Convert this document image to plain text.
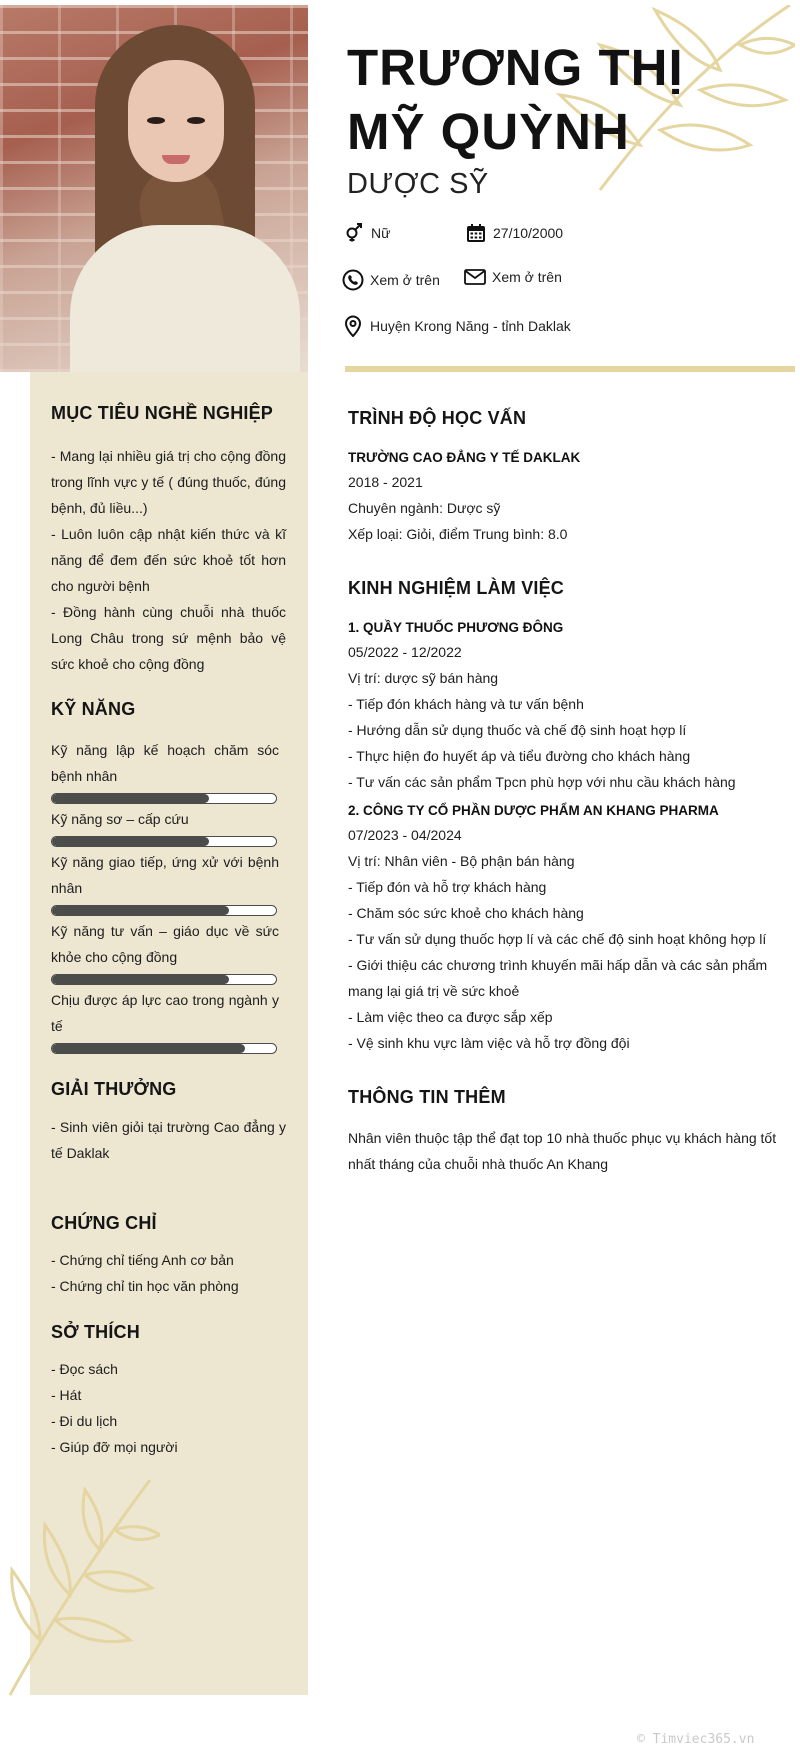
TRƯƠNG THỊ
MỸ QUỲNH
DƯỢC SỸ
Nữ	27/10/2000
Xem ở trên	Xem ở trên
Huyện Krong Năng - tỉnh Daklak
MỤC TIÊU NGHỀ NGHIỆP
- Mang lại nhiều giá trị cho cộng đồng trong lĩnh vực y tế ( đúng thuốc, đúng bệnh, đủ liều...)
- Luôn luôn cập nhật kiến thức và kĩ năng để đem đến sức khoẻ tốt hơn cho người bệnh
- Đồng hành cùng chuỗi nhà thuốc Long Châu trong sứ mệnh bảo vệ sức khoẻ cho cộng đồng
KỸ NĂNG
Kỹ năng lập kế hoạch chăm sóc bệnh nhân
Kỹ năng sơ – cấp cứu
Kỹ năng giao tiếp, ứng xử với bệnh nhân
Kỹ năng tư vấn – giáo dục về sức khỏe cho cộng đồng
Chịu được áp lực cao trong ngành y tế
GIẢI THƯỞNG
- Sinh viên giỏi tại trường Cao đẳng y tế Daklak
CHỨNG CHỈ
- Chứng chỉ tiếng Anh cơ bản
- Chứng chỉ tin học văn phòng
SỞ THÍCH
- Đọc sách
- Hát
- Đi du lịch
- Giúp đỡ mọi người
TRÌNH ĐỘ HỌC VẤN
TRƯỜNG CAO ĐẲNG Y TẾ DAKLAK
2018 - 2021
Chuyên ngành: Dược sỹ
Xếp loại: Giỏi, điểm Trung bình: 8.0
KINH NGHIỆM LÀM VIỆC
1. QUẦY THUỐC PHƯƠNG ĐÔNG
05/2022 - 12/2022
Vị trí: dược sỹ bán hàng
- Tiếp đón khách hàng và tư vấn bệnh
- Hướng dẫn sử dụng thuốc và chế độ sinh hoạt hợp lí
- Thực hiện đo huyết áp và tiểu đường cho khách hàng
- Tư vấn các sản phẩm Tpcn phù hợp với nhu cầu khách hàng
2. CÔNG TY CỔ PHẦN DƯỢC PHẨM AN KHANG PHARMA
07/2023 - 04/2024
Vị trí: Nhân viên - Bộ phận bán hàng
- Tiếp đón và hỗ trợ khách hàng
- Chăm sóc sức khoẻ cho khách hàng
- Tư vấn sử dụng thuốc hợp lí và các chế độ sinh hoạt không hợp lí
- Giới thiệu các chương trình khuyến mãi hấp dẫn và các sản phẩm mang lại giá trị về sức khoẻ
- Làm việc theo ca được sắp xếp
- Vệ sinh khu vực làm việc và hỗ trợ đồng đội
THÔNG TIN THÊM
Nhân viên thuộc tập thể đạt top 10 nhà thuốc phục vụ khách hàng tốt nhất tháng của chuỗi nhà thuốc An Khang
© Timviec365.vn
